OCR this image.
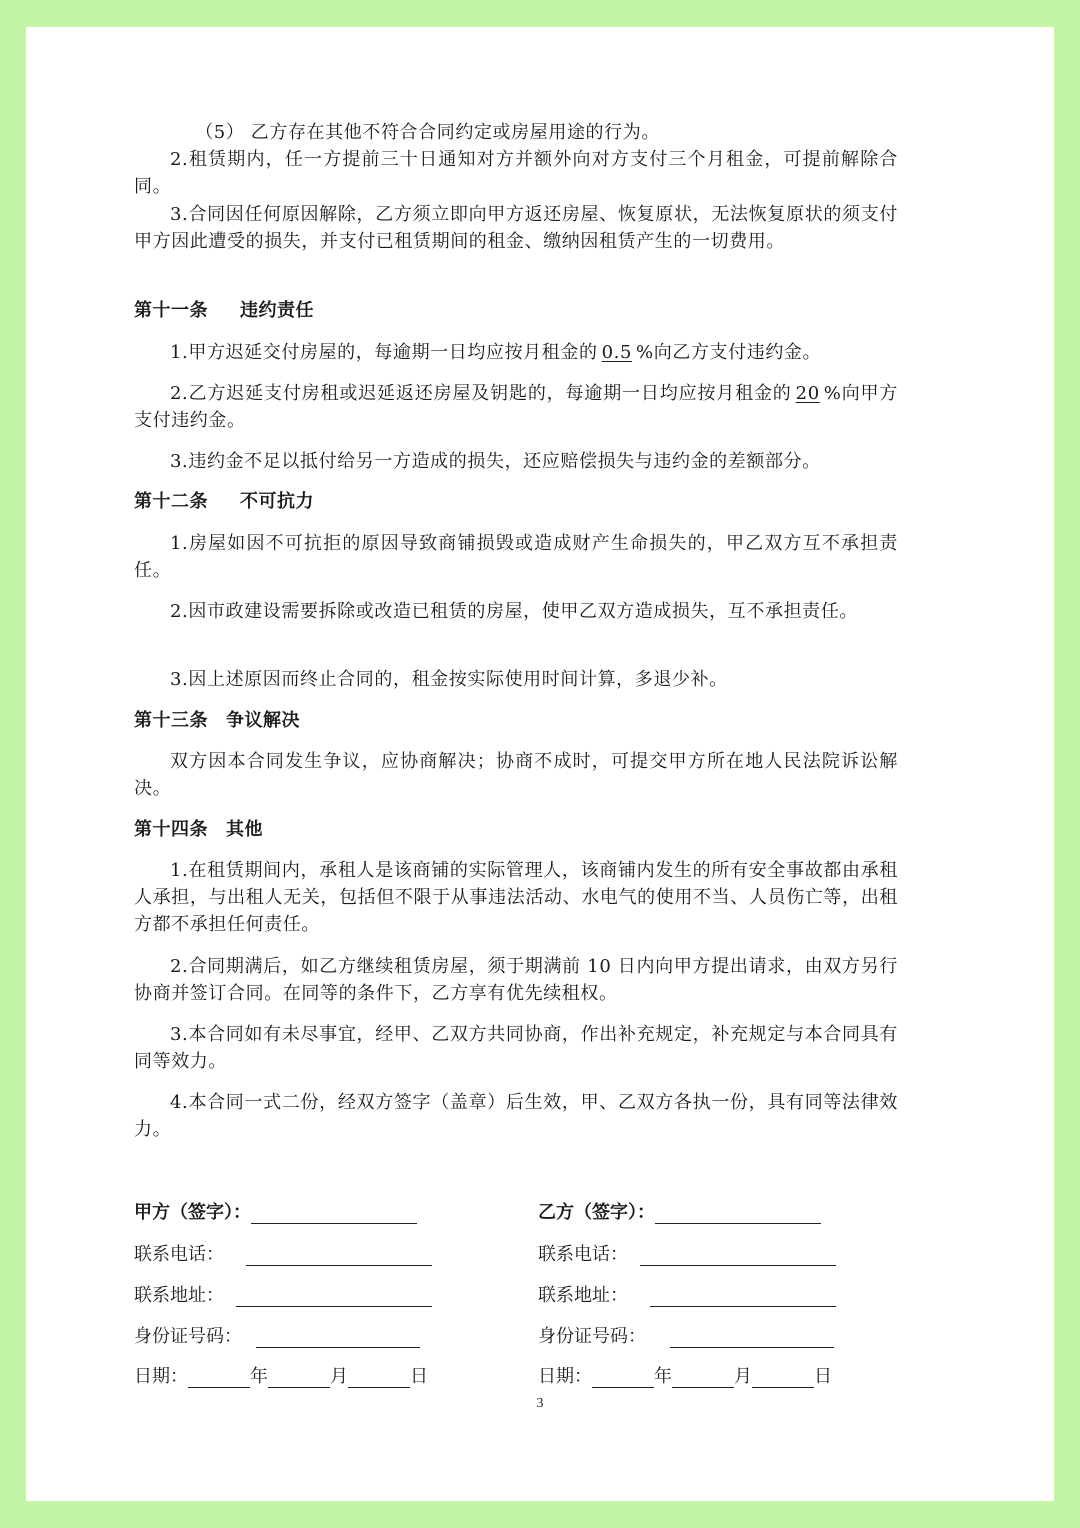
（5） 乙方存在其他不符合合同约定或房屋用途的行为。

2.租赁期内，任一方提前三十日通知对方并额外向对方支付三个月租金，可提前解除合同。

3.合同因任何原因解除，乙方须立即向甲方返还房屋、恢复原状，无法恢复原状的须支付甲方因此遭受的损失，并支付已租赁期间的租金、缴纳因租赁产生的一切费用。

第十一条 违约责任

1.甲方迟延交付房屋的，每逾期一日均应按月租金的 0.5 %向乙方支付违约金。

2.乙方迟延支付房租或迟延返还房屋及钥匙的，每逾期一日均应按月租金的 20 %向甲方支付违约金。

3.违约金不足以抵付给另一方造成的损失，还应赔偿损失与违约金的差额部分。

第十二条 不可抗力

1.房屋如因不可抗拒的原因导致商铺损毁或造成财产生命损失的，甲乙双方互不承担责任。

2.因市政建设需要拆除或改造已租赁的房屋，使甲乙双方造成损失，互不承担责任。

3.因上述原因而终止合同的，租金按实际使用时间计算，多退少补。

第十三条 争议解决

双方因本合同发生争议，应协商解决；协商不成时，可提交甲方所在地人民法院诉讼解决。

第十四条 其他

1.在租赁期间内，承租人是该商铺的实际管理人，该商铺内发生的所有安全事故都由承租人承担，与出租人无关，包括但不限于从事违法活动、水电气的使用不当、人员伤亡等，出租方都不承担任何责任。

2.合同期满后，如乙方继续租赁房屋，须于期满前 10 日内向甲方提出请求，由双方另行协商并签订合同。在同等的条件下，乙方享有优先续租权。

3.本合同如有未尽事宜，经甲、乙双方共同协商，作出补充规定，补充规定与本合同具有同等效力。

4.本合同一式二份，经双方签字（盖章）后生效，甲、乙双方各执一份，具有同等法律效力。

甲方（签字）：	乙方（签字）：
联系电话：	联系电话：
联系地址：	联系地址：
身份证号码：	身份证号码：
日期：	年	月	日	日期：	年	月	日
3
